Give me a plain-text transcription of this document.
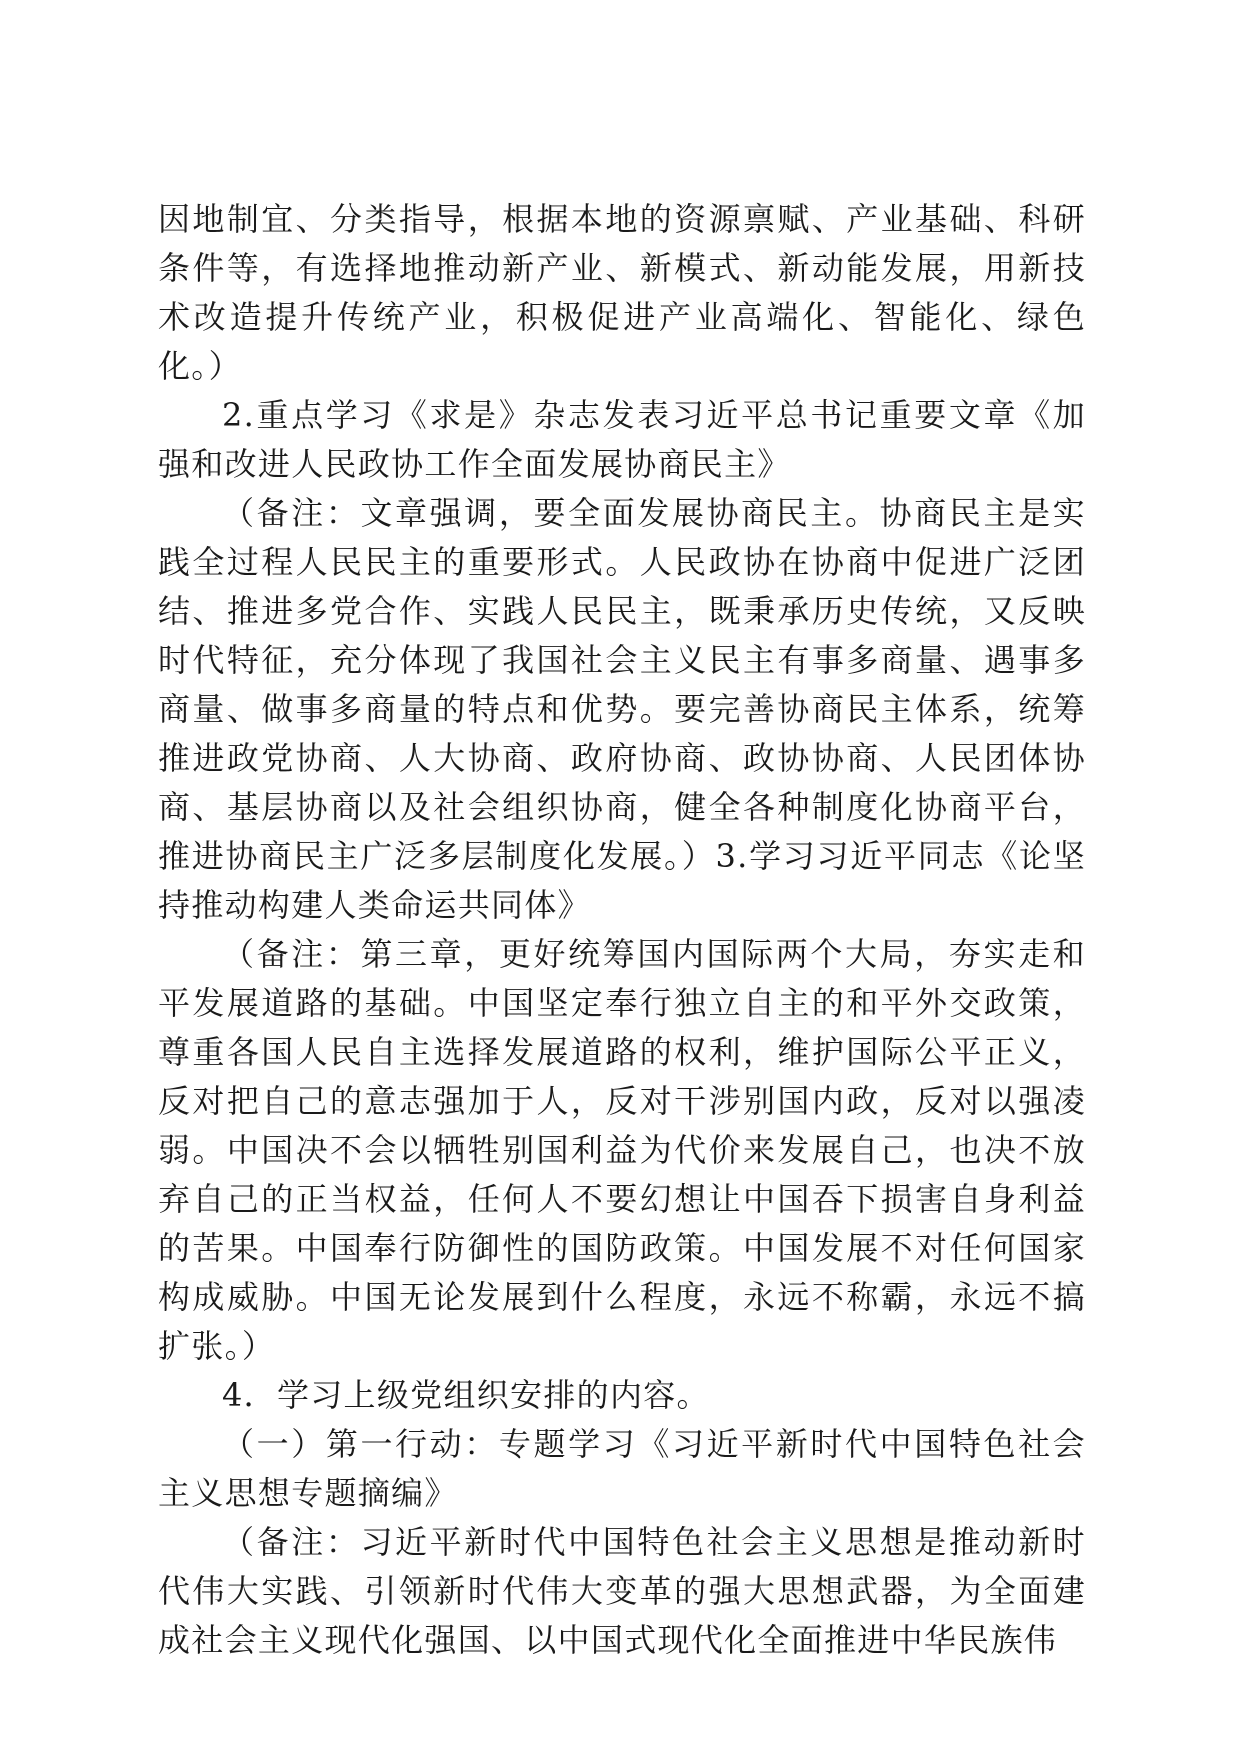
因地制宜、分类指导，根据本地的资源禀赋、产业基础、科研条件等，有选择地推动新产业、新模式、新动能发展，用新技术改造提升传统产业，积极促进产业高端化、智能化、绿色化。）

2.重点学习《求是》杂志发表习近平总书记重要文章《加强和改进人民政协工作全面发展协商民主》

（备注：文章强调，要全面发展协商民主。协商民主是实践全过程人民民主的重要形式。人民政协在协商中促进广泛团结、推进多党合作、实践人民民主，既秉承历史传统，又反映时代特征，充分体现了我国社会主义民主有事多商量、遇事多商量、做事多商量的特点和优势。要完善协商民主体系，统筹推进政党协商、人大协商、政府协商、政协协商、人民团体协商、基层协商以及社会组织协商，健全各种制度化协商平台，推进协商民主广泛多层制度化发展。）3.学习习近平同志《论坚持推动构建人类命运共同体》

（备注：第三章，更好统筹国内国际两个大局，夯实走和平发展道路的基础。中国坚定奉行独立自主的和平外交政策，尊重各国人民自主选择发展道路的权利，维护国际公平正义，反对把自己的意志强加于人，反对干涉别国内政，反对以强凌弱。中国决不会以牺牲别国利益为代价来发展自己，也决不放弃自己的正当权益，任何人不要幻想让中国吞下损害自身利益的苦果。中国奉行防御性的国防政策。中国发展不对任何国家构成威胁。中国无论发展到什么程度，永远不称霸，永远不搞扩张。）

4．学习上级党组织安排的内容。

（一）第一行动：专题学习《习近平新时代中国特色社会主义思想专题摘编》

（备注：习近平新时代中国特色社会主义思想是推动新时代伟大实践、引领新时代伟大变革的强大思想武器，为全面建成社会主义现代化强国、以中国式现代化全面推进中华民族伟
